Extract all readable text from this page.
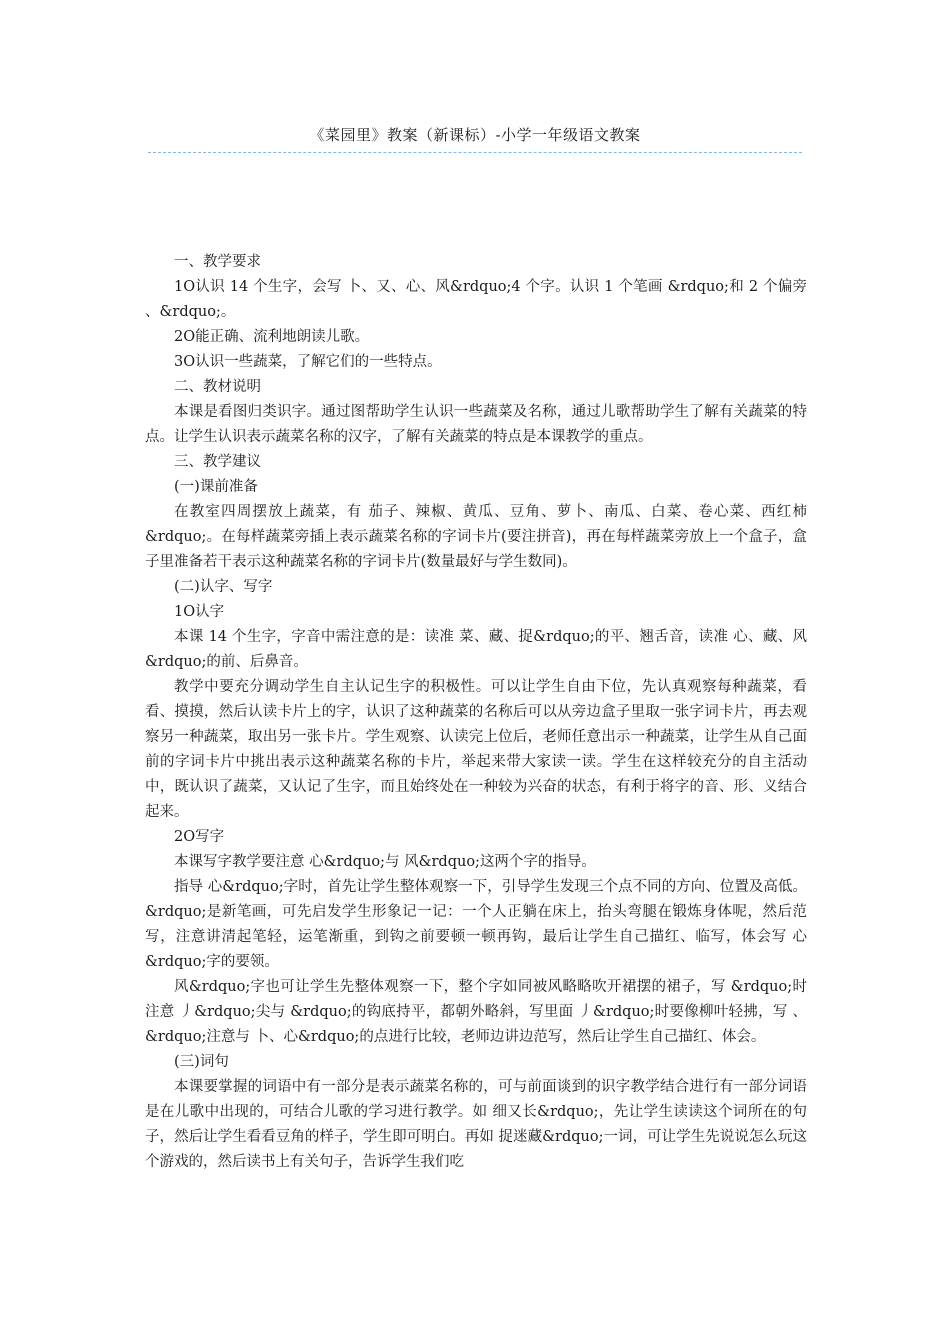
《菜园里》教案（新课标）-小学一年级语文教案

一、教学要求

1O认识 14 个生字，会写 卜、又、心、风&rdquo;4 个字。认识 1 个笔画 &rdquo;和 2 个偏旁 、&rdquo;。

2O能正确、流利地朗读儿歌。

3O认识一些蔬菜，了解它们的一些特点。

二、教材说明

本课是看图归类识字。通过图帮助学生认识一些蔬菜及名称，通过儿歌帮助学生了解有关蔬菜的特点。让学生认识表示蔬菜名称的汉字，了解有关蔬菜的特点是本课教学的重点。

三、教学建议

(一)课前准备

在教室四周摆放上蔬菜，有 茄子、辣椒、黄瓜、豆角、萝卜、南瓜、白菜、卷心菜、西红柿&rdquo;。在每样蔬菜旁插上表示蔬菜名称的字词卡片(要注拼音)，再在每样蔬菜旁放上一个盒子，盒子里准备若干表示这种蔬菜名称的字词卡片(数量最好与学生数同)。

(二)认字、写字

1O认字

本课 14 个生字，字音中需注意的是：读准 菜、藏、捉&rdquo;的平、翘舌音，读准 心、藏、风&rdquo;的前、后鼻音。

教学中要充分调动学生自主认记生字的积极性。可以让学生自由下位，先认真观察每种蔬菜，看看、摸摸，然后认读卡片上的字，认识了这种蔬菜的名称后可以从旁边盒子里取一张字词卡片，再去观察另一种蔬菜，取出另一张卡片。学生观察、认读完上位后，老师任意出示一种蔬菜，让学生从自己面前的字词卡片中挑出表示这种蔬菜名称的卡片，举起来带大家读一读。学生在这样较充分的自主活动中，既认识了蔬菜，又认记了生字，而且始终处在一种较为兴奋的状态，有利于将字的音、形、义结合起来。

2O写字

本课写字教学要注意 心&rdquo;与 风&rdquo;这两个字的指导。

指导 心&rdquo;字时，首先让学生整体观察一下，引导学生发现三个点不同的方向、位置及高低。 &rdquo;是新笔画，可先启发学生形象记一记：一个人正躺在床上，抬头弯腿在锻炼身体呢，然后范写，注意讲清起笔轻，运笔渐重，到钩之前要顿一顿再钩，最后让学生自己描红、临写，体会写 心&rdquo;字的要领。

风&rdquo;字也可让学生先整体观察一下，整个字如同被风略略吹开裙摆的裙子，写 &rdquo;时注意 丿&rdquo;尖与 &rdquo;的钩底持平，都朝外略斜，写里面 丿&rdquo;时要像柳叶轻拂，写 、&rdquo;注意与 卜、心&rdquo;的点进行比较，老师边讲边范写，然后让学生自己描红、体会。

(三)词句

本课要掌握的词语中有一部分是表示蔬菜名称的，可与前面谈到的识字教学结合进行有一部分词语是在儿歌中出现的，可结合儿歌的学习进行教学。如 细又长&rdquo;，先让学生读读这个词所在的句子，然后让学生看看豆角的样子，学生即可明白。再如 捉迷藏&rdquo;一词，可让学生先说说怎么玩这个游戏的，然后读书上有关句子，告诉学生我们吃
